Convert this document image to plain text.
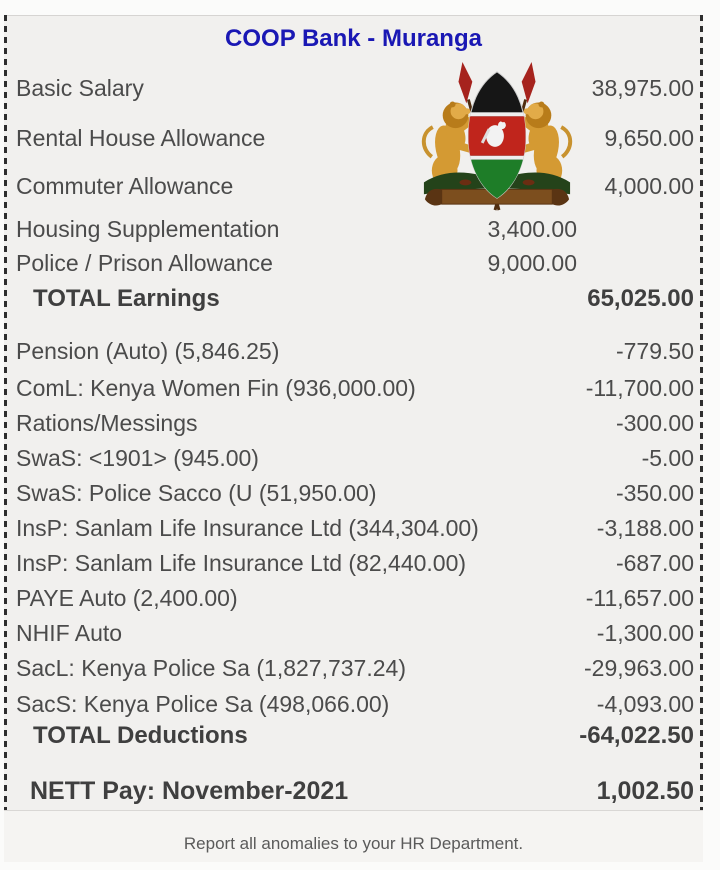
COOP Bank - Muranga
Basic Salary	38,975.00
Rental House Allowance	9,650.00
Commuter Allowance	4,000.00
Housing Supplementation	3,400.00
Police / Prison Allowance	9,000.00
TOTAL Earnings	65,025.00
Pension (Auto) (5,846.25)	-779.50
ComL: Kenya Women Fin (936,000.00)	-11,700.00
Rations/Messings	-300.00
SwaS: <1901> (945.00)	-5.00
SwaS: Police Sacco (U (51,950.00)	-350.00
InsP: Sanlam Life Insurance Ltd (344,304.00)	-3,188.00
InsP: Sanlam Life Insurance Ltd (82,440.00)	-687.00
PAYE Auto (2,400.00)	-11,657.00
NHIF Auto	-1,300.00
SacL: Kenya Police Sa (1,827,737.24)	-29,963.00
SacS: Kenya Police Sa (498,066.00)	-4,093.00
TOTAL Deductions	-64,022.50
NETT Pay: November-2021	1,002.50
Report all anomalies to your HR Department.
